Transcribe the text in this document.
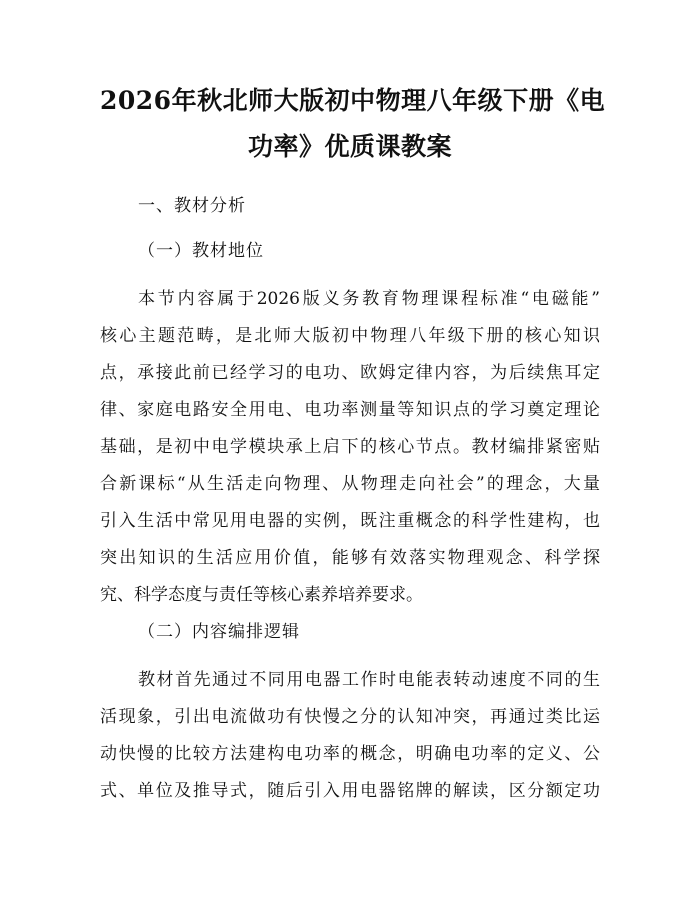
2026年秋北师大版初中物理八年级下册《电
功率》优质课教案
一、教材分析
（一）教材地位
本节内容属于2026版义务教育物理课程标准“电磁能”
核心主题范畴，是北师大版初中物理八年级下册的核心知识
点，承接此前已经学习的电功、欧姆定律内容，为后续焦耳定
律、家庭电路安全用电、电功率测量等知识点的学习奠定理论
基础，是初中电学模块承上启下的核心节点。教材编排紧密贴
合新课标“从生活走向物理、从物理走向社会”的理念，大量
引入生活中常见用电器的实例，既注重概念的科学性建构，也
突出知识的生活应用价值，能够有效落实物理观念、科学探
究、科学态度与责任等核心素养培养要求。
（二）内容编排逻辑
教材首先通过不同用电器工作时电能表转动速度不同的生
活现象，引出电流做功有快慢之分的认知冲突，再通过类比运
动快慢的比较方法建构电功率的概念，明确电功率的定义、公
式、单位及推导式，随后引入用电器铭牌的解读，区分额定功
